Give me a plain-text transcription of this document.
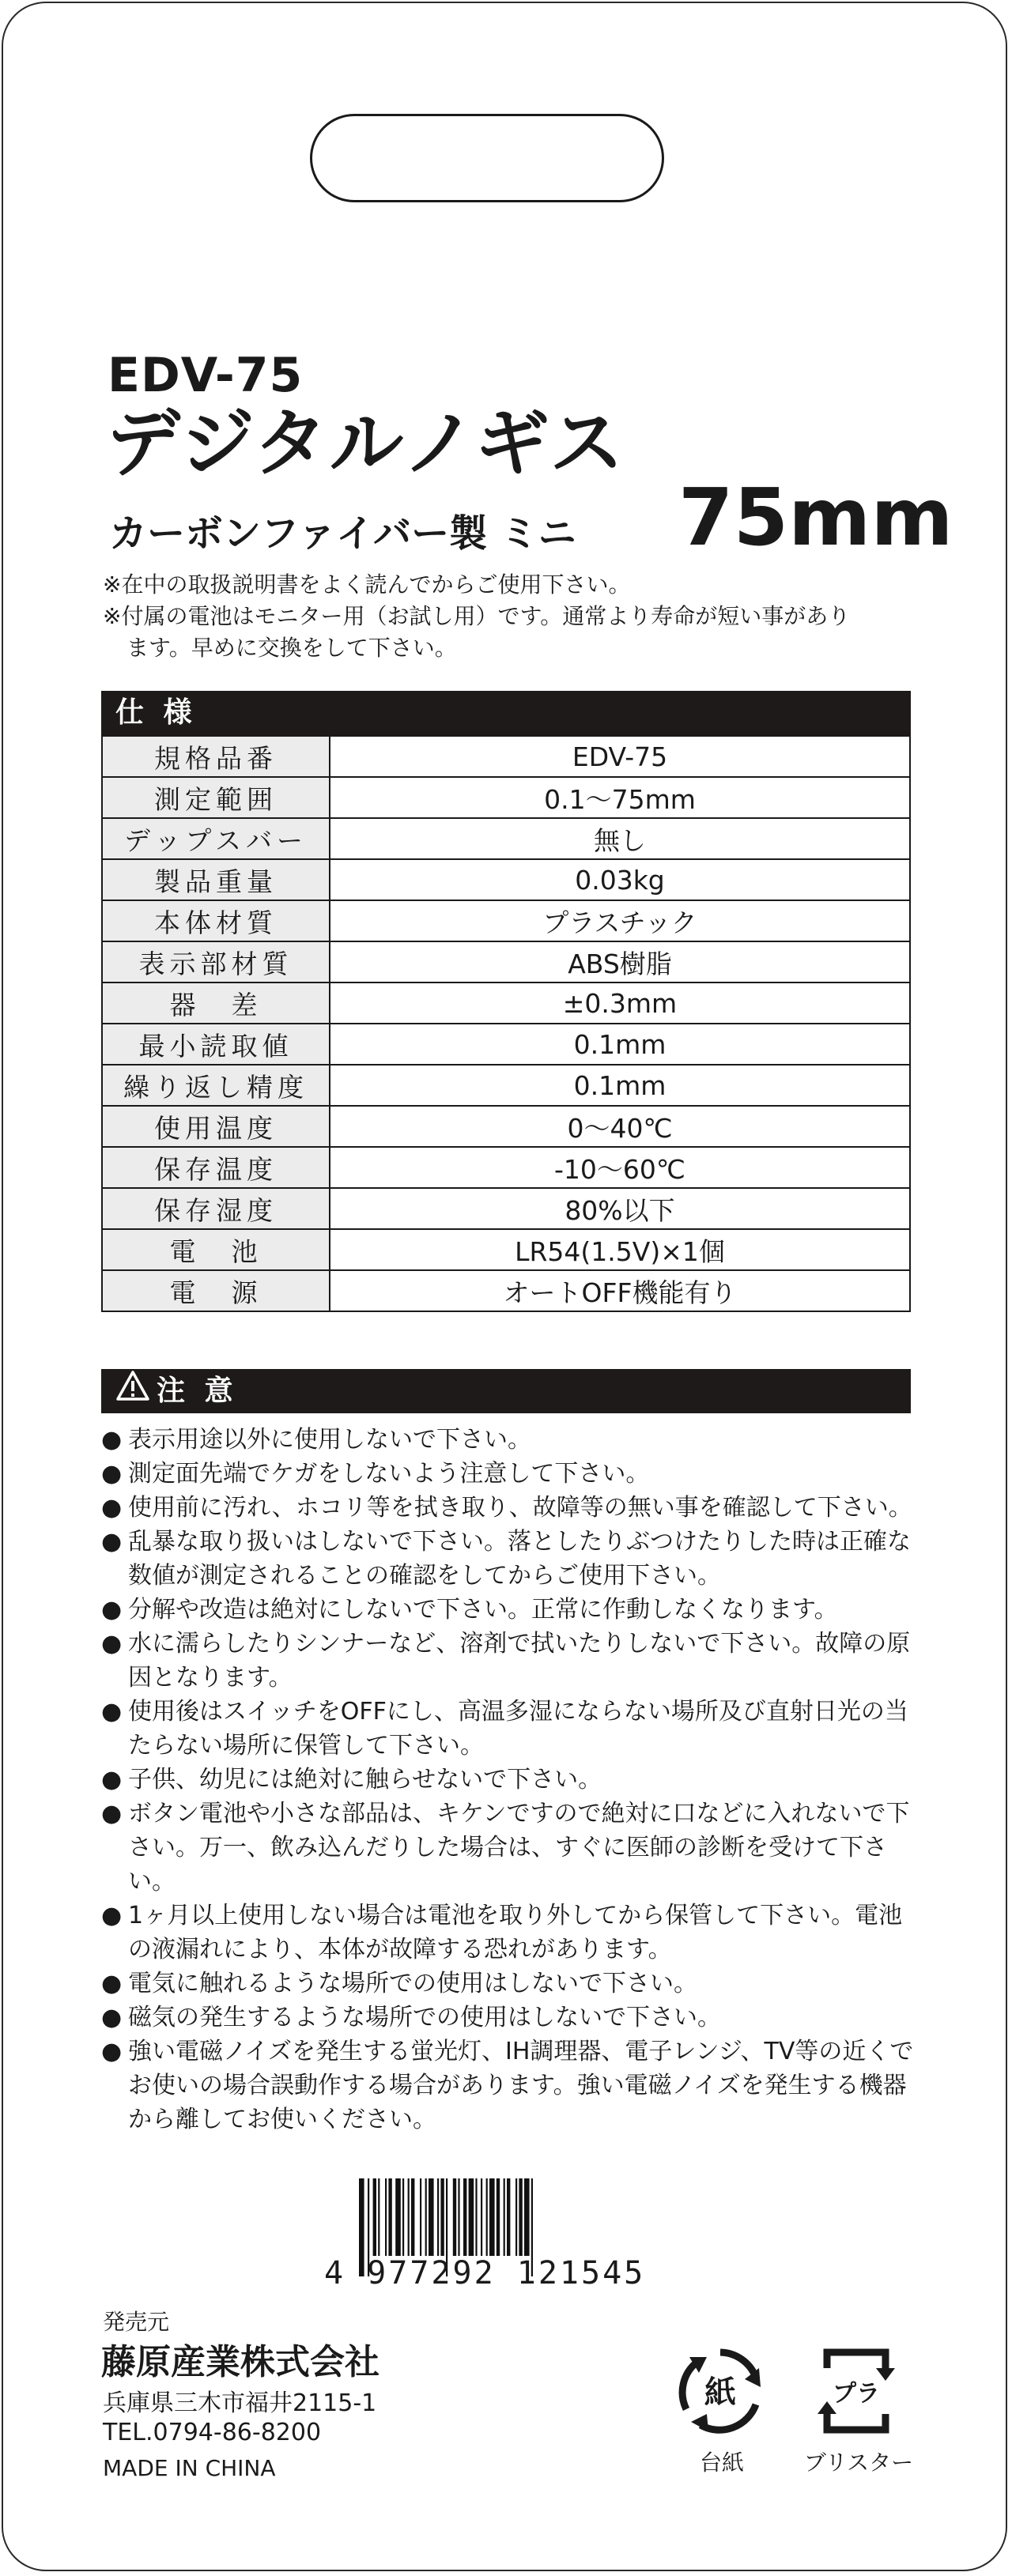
EDV-75
デジタルノギス
カーボンファイバー製 ミニ 75mm
※在中の取扱説明書をよく読んでからご使用下さい。
※付属の電池はモニター用（お試し用）です。通常より寿命が短い事があり
ます。早めに交換をして下さい。
仕 様
規格品番	EDV-75
測定範囲	0.1〜75mm
デップスバー	無し
製品重量	0.03kg
本体材質	プラスチック
表示部材質	ABS樹脂
器　差	±0.3mm
最小読取値	0.1mm
繰り返し精度	0.1mm
使用温度	0〜40℃
保存温度	-10〜60℃
保存湿度	80%以下
電　池	LR54(1.5V)×1個
電　源	オートOFF機能有り
注 意
● 表示用途以外に使用しないで下さい。
● 測定面先端でケガをしないよう注意して下さい。
● 使用前に汚れ、ホコリ等を拭き取り、故障等の無い事を確認して下さい。
● 乱暴な取り扱いはしないで下さい。落としたりぶつけたりした時は正確な数値が測定されることの確認をしてからご使用下さい。
● 分解や改造は絶対にしないで下さい。正常に作動しなくなります。
● 水に濡らしたりシンナーなど、溶剤で拭いたりしないで下さい。故障の原因となります。
● 使用後はスイッチをOFFにし、高温多湿にならない場所及び直射日光の当たらない場所に保管して下さい。
● 子供、幼児には絶対に触らせないで下さい。
● ボタン電池や小さな部品は、キケンですので絶対に口などに入れないで下さい。万一、飲み込んだりした場合は、すぐに医師の診断を受けて下さい。
● 1ヶ月以上使用しない場合は電池を取り外してから保管して下さい。電池の液漏れにより、本体が故障する恐れがあります。
● 電気に触れるような場所での使用はしないで下さい。
● 磁気の発生するような場所での使用はしないで下さい。
● 強い電磁ノイズを発生する蛍光灯、IH調理器、電子レンジ、TV等の近くでお使いの場合誤動作する場合があります。強い電磁ノイズを発生する機器から離してお使いください。
4 977292 121545
発売元
藤原産業株式会社
兵庫県三木市福井2115-1
TEL.0794-86-8200
MADE IN CHINA
紙
台紙
プラ
ブリスター
